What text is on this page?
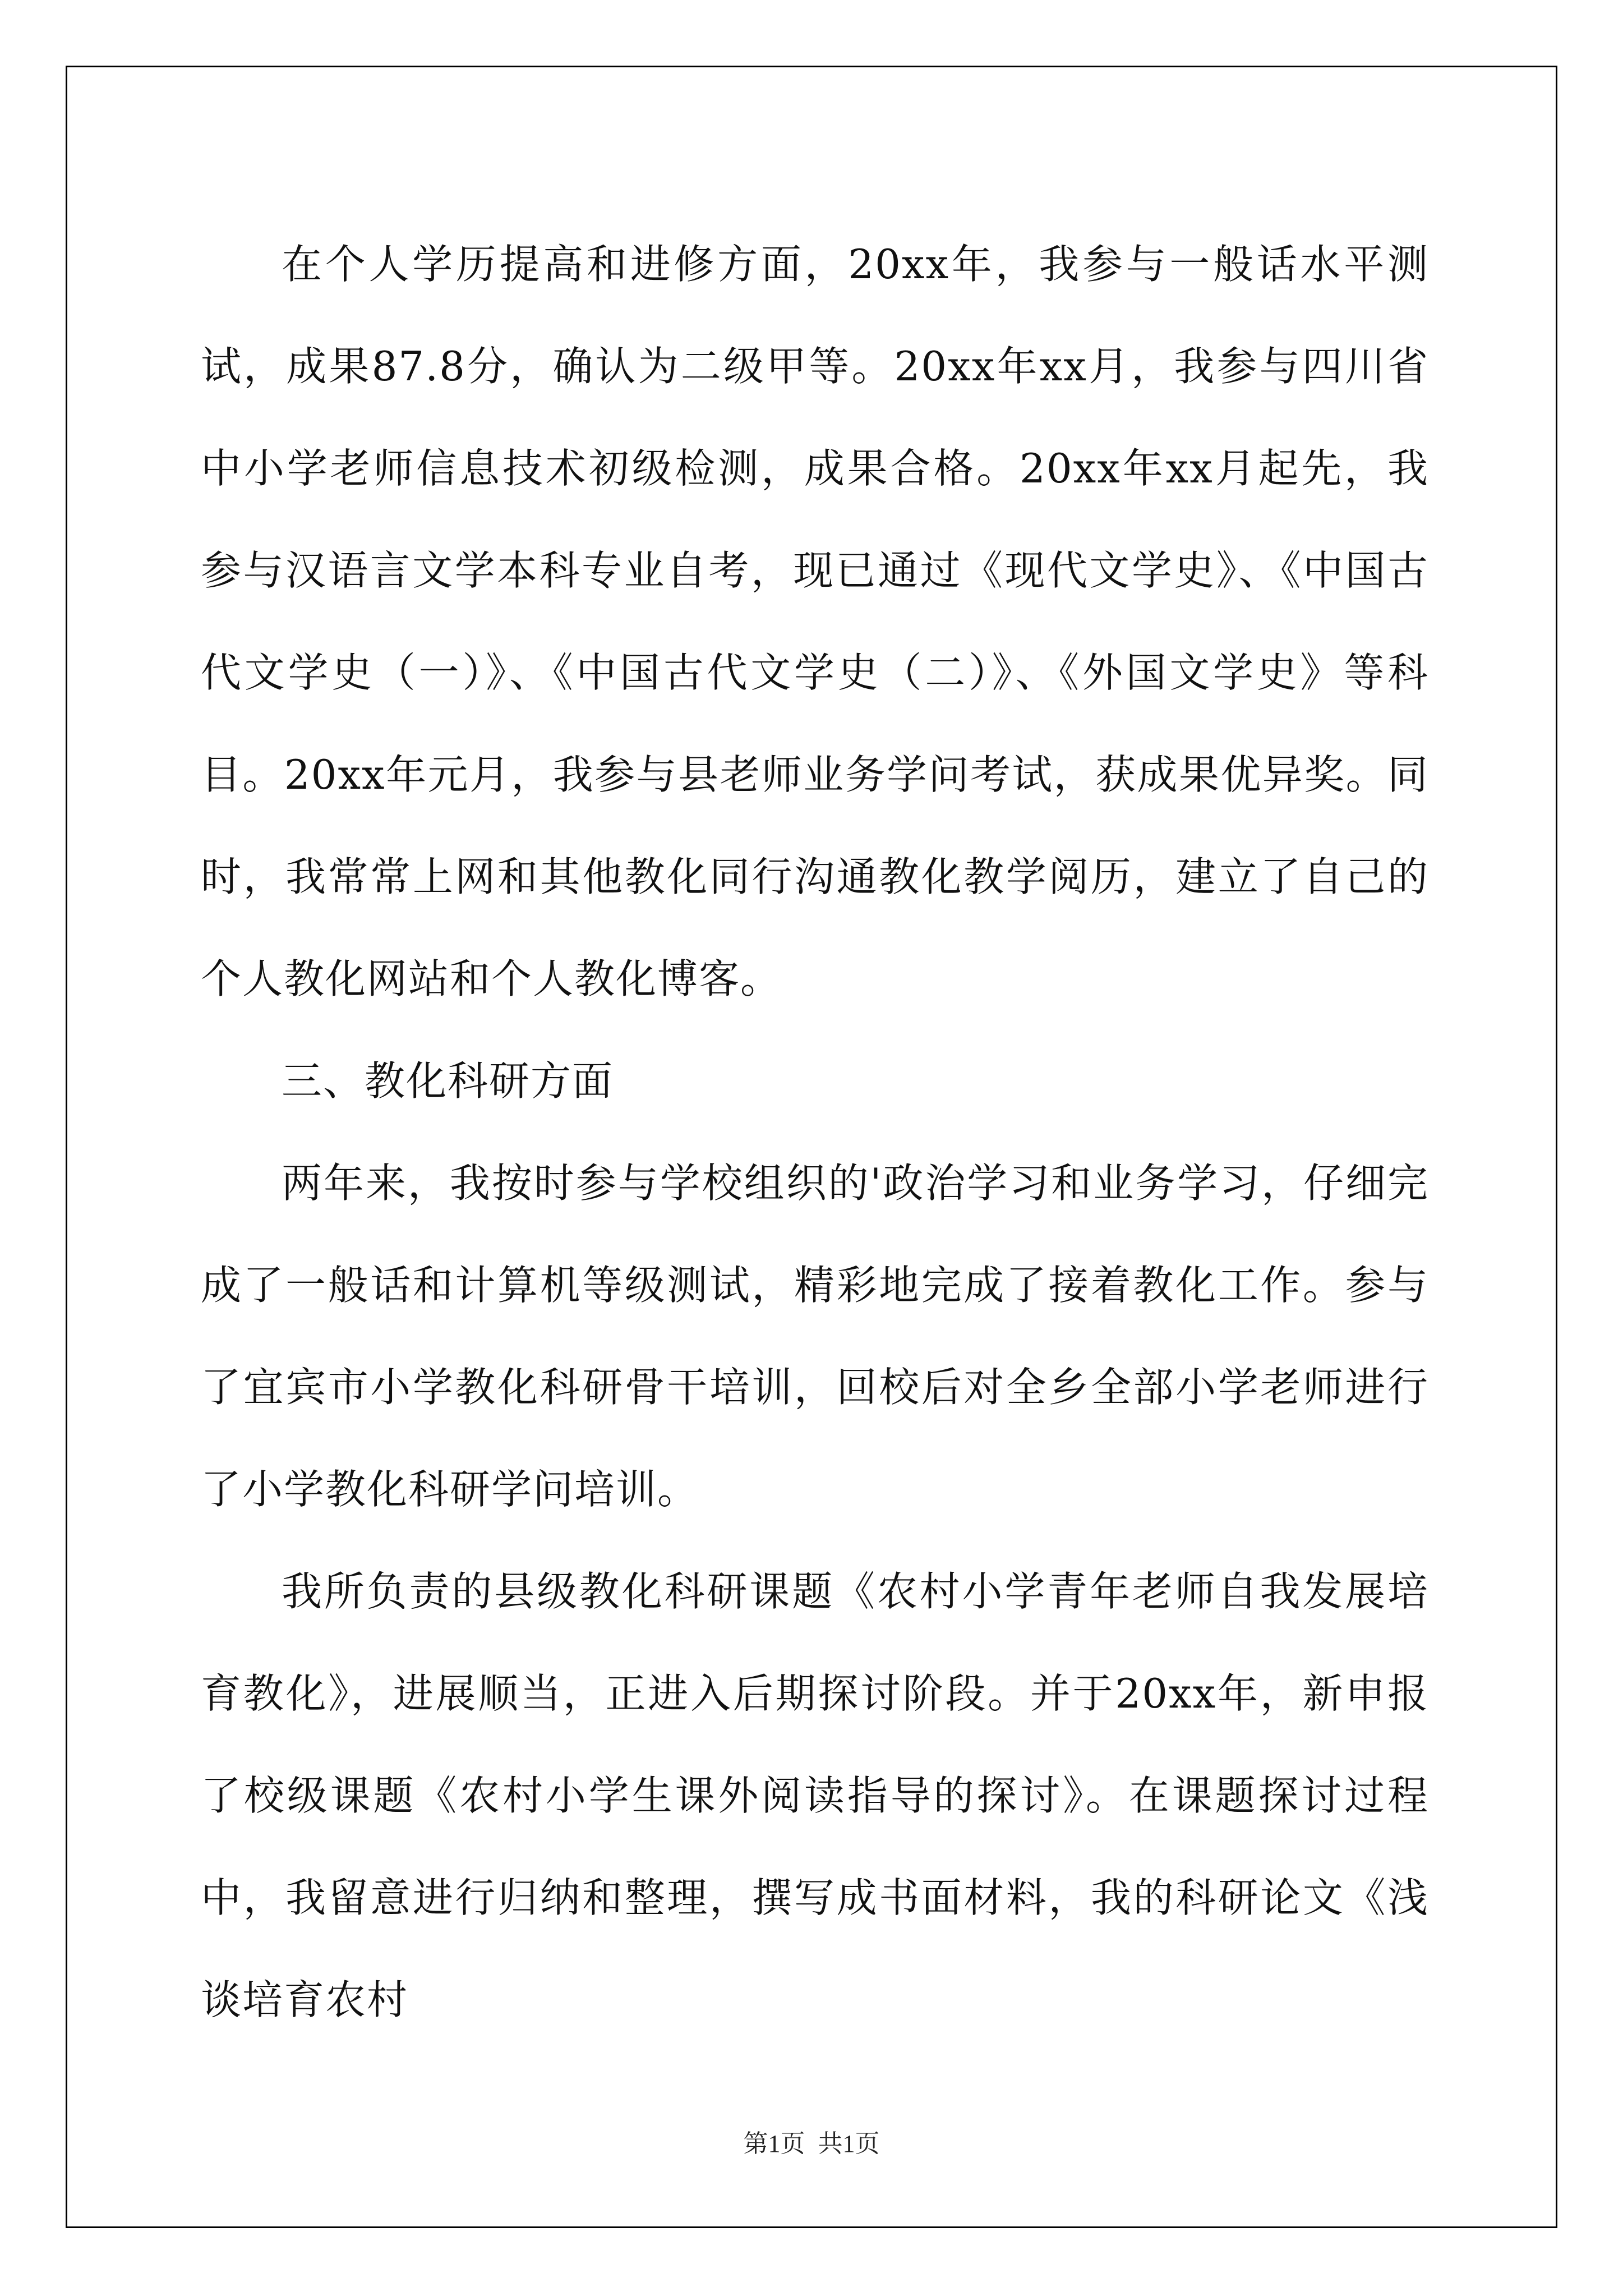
在个人学历提高和进修方面，20xx年，我参与一般话水平测试，成果87.8分，确认为二级甲等。20xx年xx月，我参与四川省中小学老师信息技术初级检测，成果合格。20xx年xx月起先，我参与汉语言文学本科专业自考，现已通过《现代文学史》、《中国古代文学史（一）》、《中国古代文学史（二）》、《外国文学史》等科目。20xx年元月，我参与县老师业务学问考试，获成果优异奖。同时，我常常上网和其他教化同行沟通教化教学阅历，建立了自己的个人教化网站和个人教化博客。

三、教化科研方面

两年来，我按时参与学校组织的'政治学习和业务学习，仔细完成了一般话和计算机等级测试，精彩地完成了接着教化工作。参与了宜宾市小学教化科研骨干培训，回校后对全乡全部小学老师进行了小学教化科研学问培训。

我所负责的县级教化科研课题《农村小学青年老师自我发展培育教化》，进展顺当，正进入后期探讨阶段。并于20xx年，新申报了校级课题《农村小学生课外阅读指导的探讨》。在课题探讨过程中，我留意进行归纳和整理，撰写成书面材料，我的科研论文《浅谈培育农村

第1页 共1页
